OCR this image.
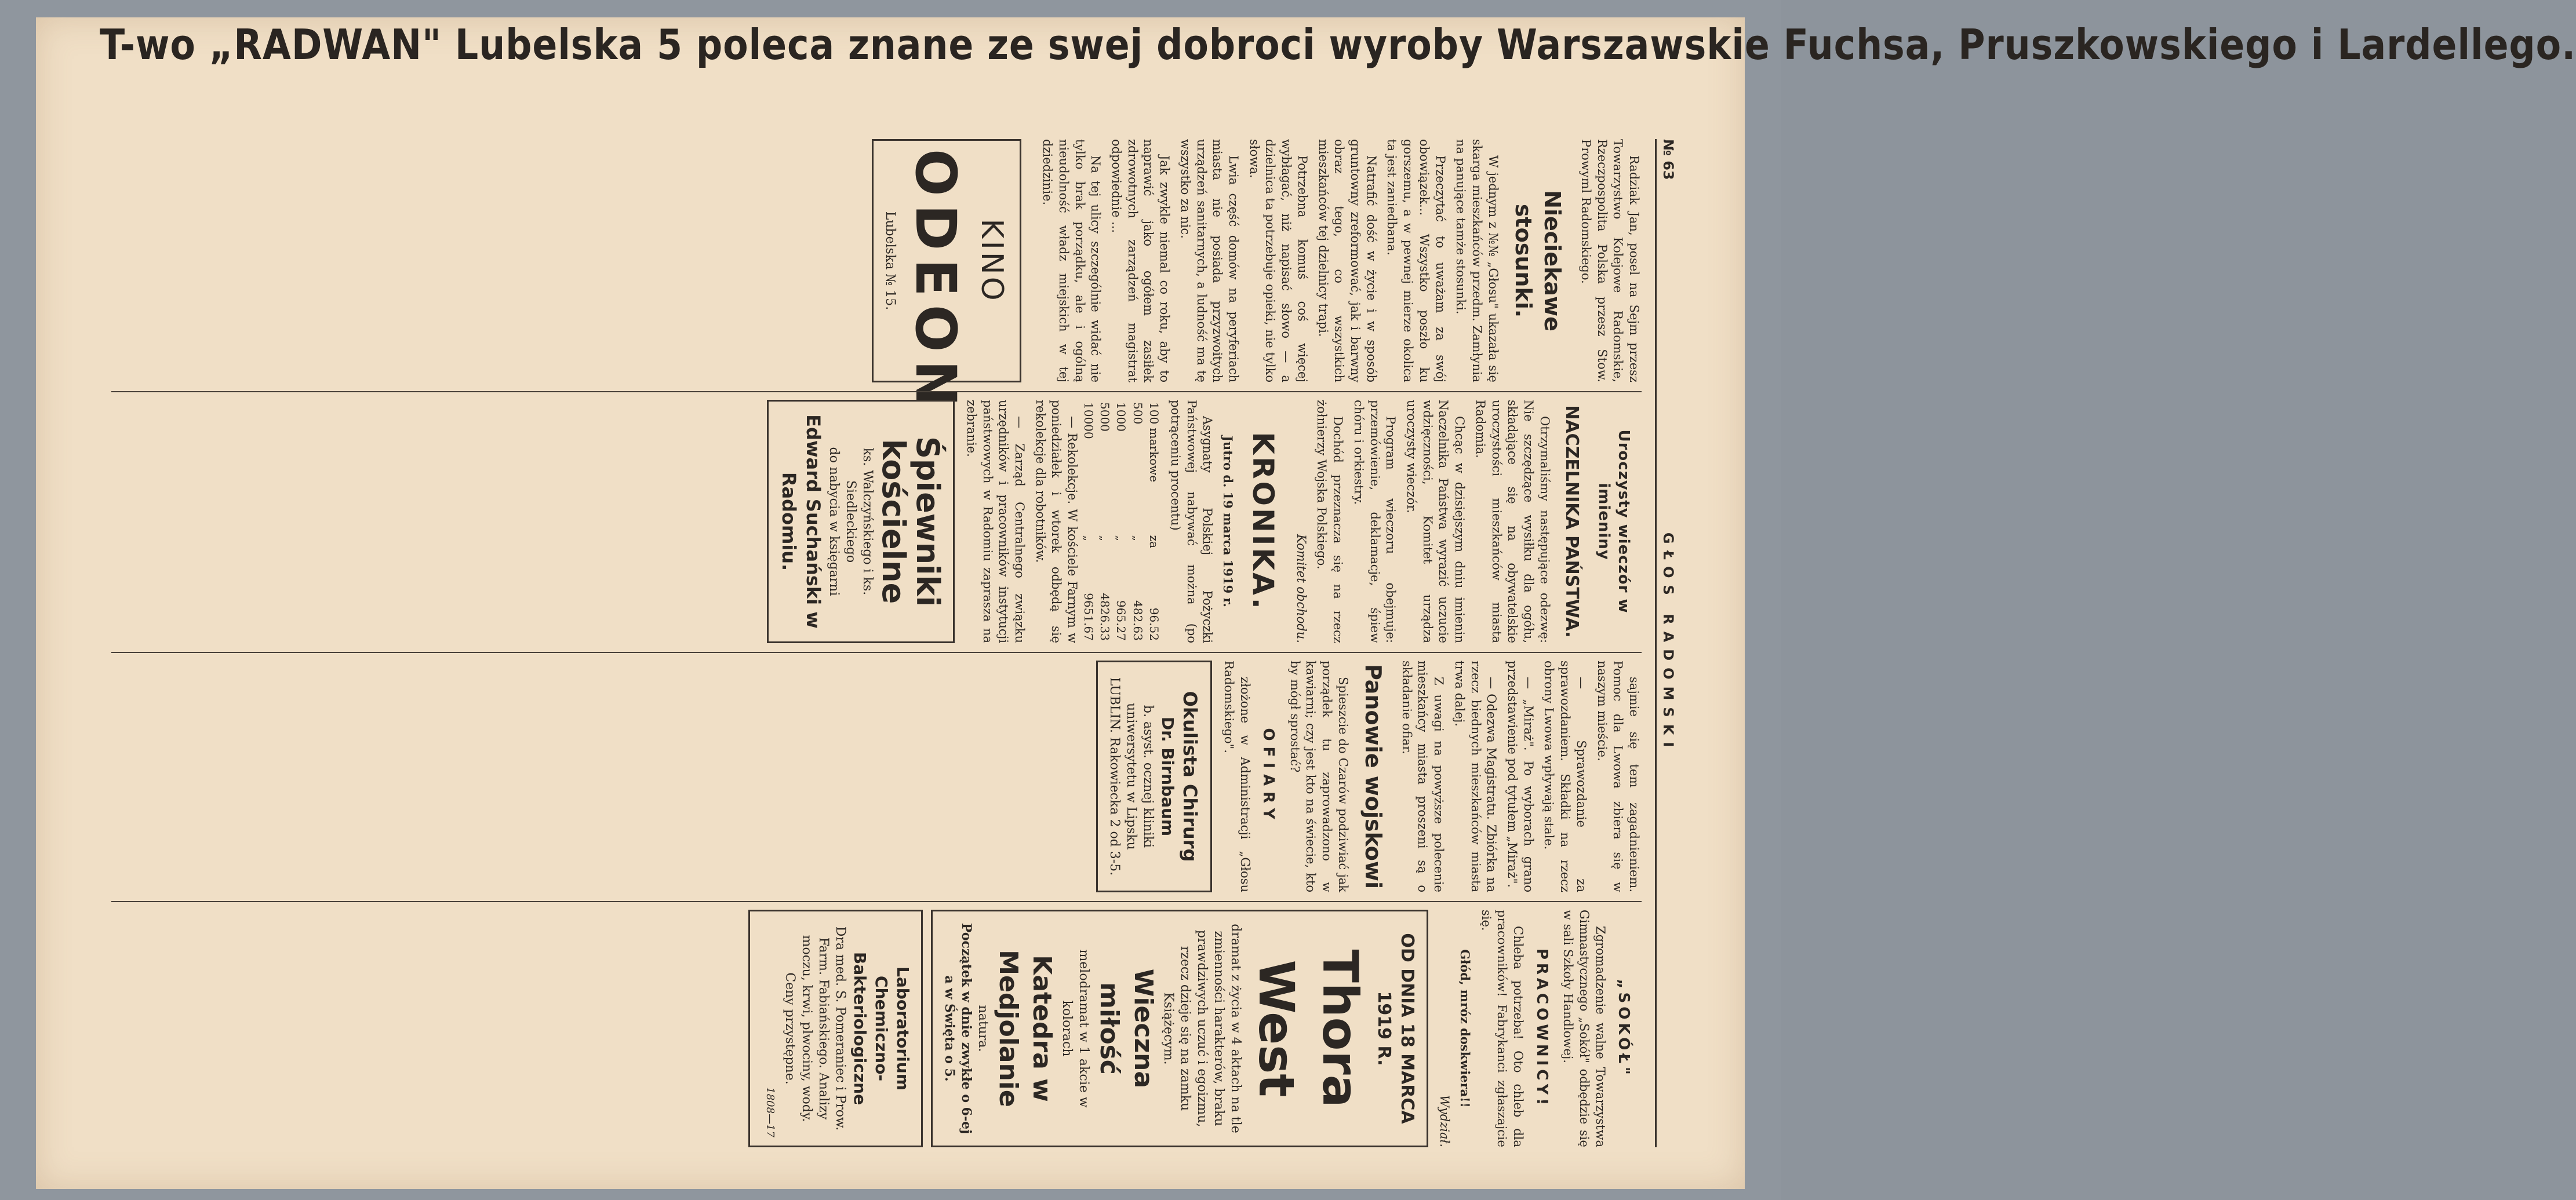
T-wo „RADWAN" Lubelska 5 poleca znane ze swej dobroci wyroby Warszawskie Fuchsa, Pruszkowskiego i Lardellego.
№ 63
GŁOS RADOMSKI

Radziak Jan, posel na Sejm przesz Towarzystwo Kolejowe Radomskie, Rzeczpospolita Polska przesz Stow. Prowyml Radomskiego.

Nieciekawe stosunki.

W jednym z №№ „Głosu" ukazała się skarga mieszkańców przedm. Zamłynia na panujące tamże stosunki.

Przeczytać to uważam za swój obowiązek... Wszystko poszło ku gorszemu, a w pewnej mierze okolica ta jest zaniedbana.

Natrafić dość w życie i w sposób gruntowny zreformować, jak i barwny obraz tego, co wszystkich mieszkańców tej dzielnicy trapi.

Potrzebna komuś coś więcej wybłagać, niż napisać słowo — a dzielnica ta potrzebuje opieki, nie tylko słowa.

Lwia część domów na peryferiach miasta nie posiada przyzwoitych urządzeń sanitarnych, a ludność ma tę wszystko za nic.

Jak zwykle niemal co roku, aby to naprawić jako ogółem zasiłek zdrowotnych zarządzeń magistrat odpowiednie ...

Na tej ulicy szczególnie widać nie tylko brak porządku, ale i ogólną nieudolność władz miejskich w tej dziedzinie.

KINO
ODEON
Lubelska № 15.
Uroczysty wieczór w imieniny
NACZELNIKA PAŃSTWA.

Otrzymaliśmy następujące odezwę: Nie szczędzące wysiłku dla ogółu, składające się na obywatelskie uroczystości mieszkańców miasta Radomia.

Chcąc w dzisiejszym dniu imienin Naczelnika Państwa wyrazić uczucie wdzięczności, Komitet urządza uroczysty wieczór.

Program wieczoru obejmuje: przemówienie, deklamacje, śpiew chóru i orkiestry.

Dochód przeznacza się na rzecz żołnierzy Wojska Polskiego.

Komitet obchodu.
KRONIKA.

Jutro d. 19 marca 1919 r.

Asygnaty Polskiej Pożyczki Państwowej nabywać można (po potrąceniu procentu)

100 markowe	za	96.52
500	„	482.63
1000	„	965.27
5000	„	4826.33
10000	„	9651.67

— Rekolekcje. W kościele Farnym w poniedziałek i wtorek odbędą się rekolekcje dla robotników.

— Zarząd Centralnego związku urzędników i pracowników instytucji państwowych w Radomiu zaprasza na zebranie.

Śpiewniki kościelne
ks. Walczyńskiego i ks. Siedleckiego
do nabycia w księgarni
Edward Suchański w Radomiu.

sajmie się tem zagadnieniem. Pomoc dla Lwowa zbiera się w naszym mieście.

— Sprawozdanie za sprawozdaniem. Składki na rzecz obrony Lwowa wpływają stale.

— „Miraż". Po wyborach grano przedstawienie pod tytułem „Miraż".

— Odezwa Magistratu. Zbiórka na rzecz biednych mieszkańców miasta trwa dalej.

Z uwagi na powyższe polecenie mieszkańcy miasta proszeni są o składanie ofiar.

Panowie wojskowi

Spieszcie do Czarów podziwiać jak porządek tu zaprowadzono w kawiarni; czy jest kto na świecie, kto by mógł sprostać?

OFIARY

złożone w Administracji „Głosu Radomskiego".

Okulista Chirurg
Dr. Birnbaum
b. asyst. ocznej kliniki uniwersytetu w Lipsku
LUBLIN. Rakowiecka 2 od 3-5.
„SOKÓŁ"

Zgromadzenie walne Towarzystwa Gimnastycznego „Sokół" odbędzie się w sali Szkoły Handlowej.

PRACOWNICY!

Chleba potrzeba! Oto chleb dla pracowników! Fabrykanci zgłaszajcie się.

Głód, mróz doskwiera!!

Wydział.
OD DNIA 18 MARCA 1919 R.
Thora West
dramat z życia w 4 aktach na tle zmienności harakterów, braku prawdziwych uczuć i egoizmu, rzecz dzieje się na zamku Książęcym.
Wieczna miłość
melodramat w 1 akcie w kolorach
Katedra w Medjolanie
natura.
Początek w dnie zwykłe o 6-ej a w Święta o 5.
Laboratorium Chemiczno-Bakteriologiczne
Dra med. S. Pomeraniec i Prow. Farm. Fabiańskiego. Analizy moczu, krwi, plwociny, wody. Ceny przystępne.
1808—17
